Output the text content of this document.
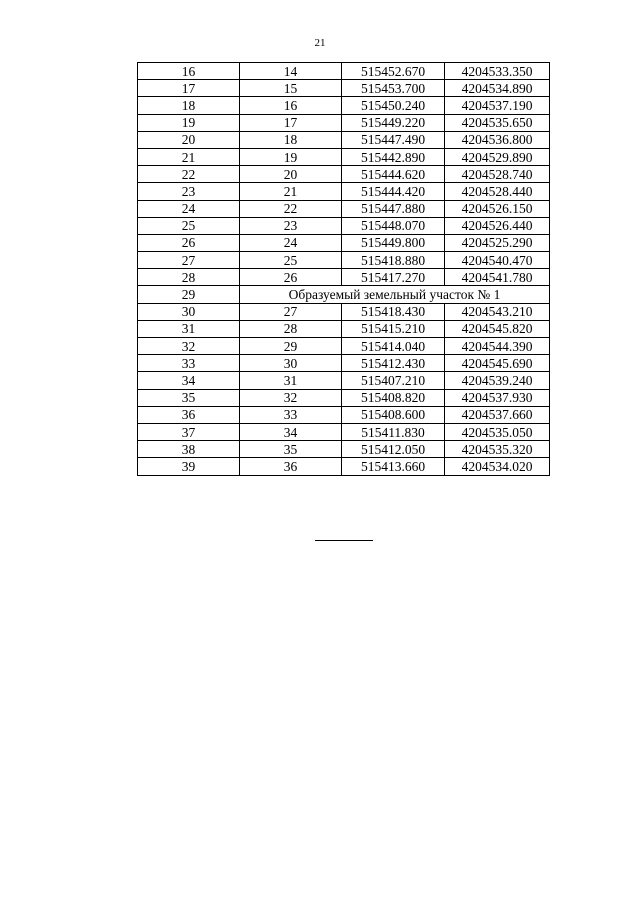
21
16	14	515452.670	4204533.350
17	15	515453.700	4204534.890
18	16	515450.240	4204537.190
19	17	515449.220	4204535.650
20	18	515447.490	4204536.800
21	19	515442.890	4204529.890
22	20	515444.620	4204528.740
23	21	515444.420	4204528.440
24	22	515447.880	4204526.150
25	23	515448.070	4204526.440
26	24	515449.800	4204525.290
27	25	515418.880	4204540.470
28	26	515417.270	4204541.780
29	Образуемый земельный участок № 1		
30	27	515418.430	4204543.210
31	28	515415.210	4204545.820
32	29	515414.040	4204544.390
33	30	515412.430	4204545.690
34	31	515407.210	4204539.240
35	32	515408.820	4204537.930
36	33	515408.600	4204537.660
37	34	515411.830	4204535.050
38	35	515412.050	4204535.320
39	36	515413.660	4204534.020
